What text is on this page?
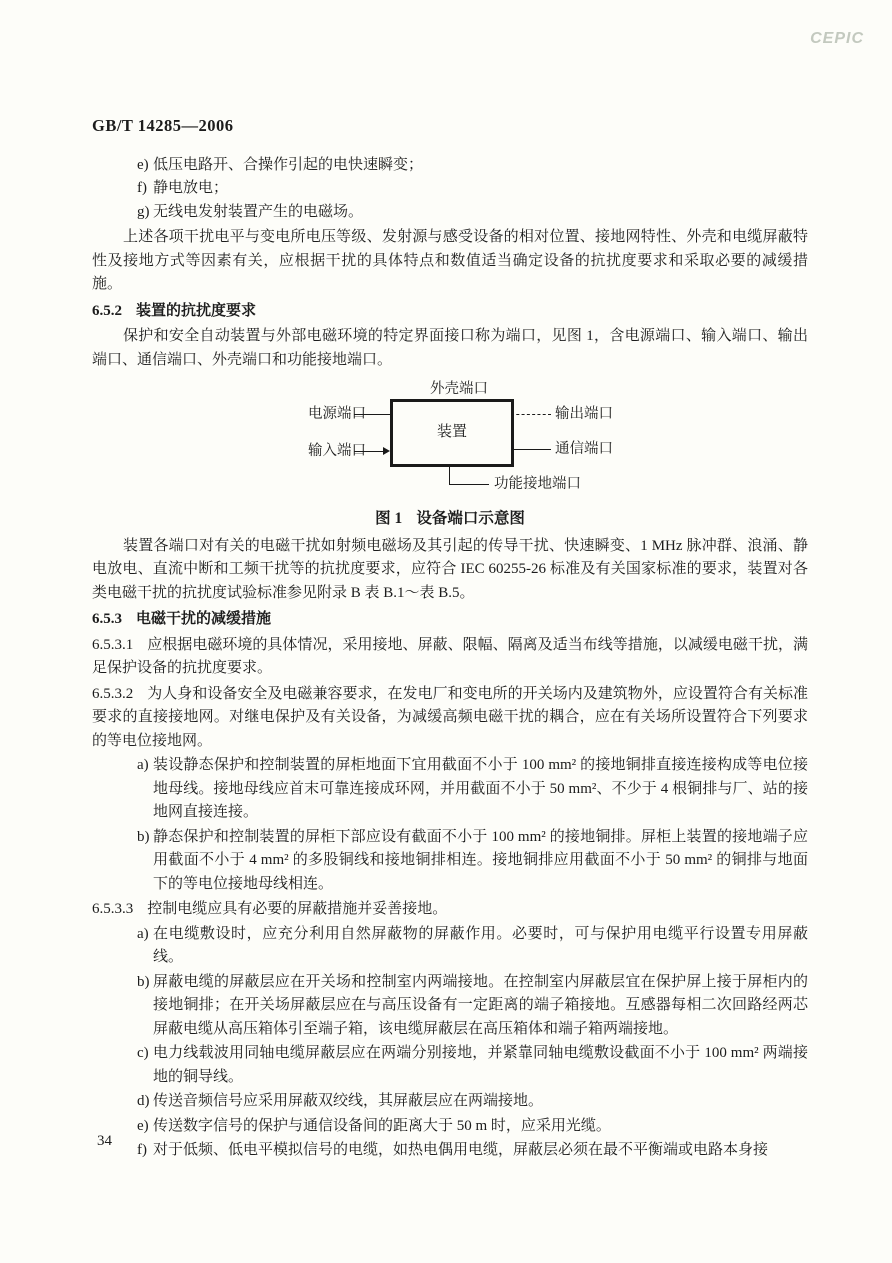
CEPIC

GB/T 14285—2006

e) 低压电路开、合操作引起的电快速瞬变；
f) 静电放电；
g) 无线电发射装置产生的电磁场。

上述各项干扰电平与变电所电压等级、发射源与感受设备的相对位置、接地网特性、外壳和电缆屏蔽特性及接地方式等因素有关，应根据干扰的具体特点和数值适当确定设备的抗扰度要求和采取必要的减缓措施。

6.5.2 装置的抗扰度要求

保护和安全自动装置与外部电磁环境的特定界面接口称为端口，见图 1，含电源端口、输入端口、输出端口、通信端口、外壳端口和功能接地端口。

外壳端口
电源端口
输入端口
装置
输出端口
通信端口
功能接地端口

图 1 设备端口示意图

装置各端口对有关的电磁干扰如射频电磁场及其引起的传导干扰、快速瞬变、1 MHz 脉冲群、浪涌、静电放电、直流中断和工频干扰等的抗扰度要求，应符合 IEC 60255-26 标准及有关国家标准的要求，装置对各类电磁干扰的抗扰度试验标准参见附录 B 表 B.1～表 B.5。

6.5.3 电磁干扰的减缓措施

6.5.3.1 应根据电磁环境的具体情况，采用接地、屏蔽、限幅、隔离及适当布线等措施，以减缓电磁干扰，满足保护设备的抗扰度要求。

6.5.3.2 为人身和设备安全及电磁兼容要求，在发电厂和变电所的开关场内及建筑物外，应设置符合有关标准要求的直接接地网。对继电保护及有关设备，为减缓高频电磁干扰的耦合，应在有关场所设置符合下列要求的等电位接地网。

a) 装设静态保护和控制装置的屏柜地面下宜用截面不小于 100 mm² 的接地铜排直接连接构成等电位接地母线。接地母线应首末可靠连接成环网，并用截面不小于 50 mm²、不少于 4 根铜排与厂、站的接地网直接连接。
b) 静态保护和控制装置的屏柜下部应设有截面不小于 100 mm² 的接地铜排。屏柜上装置的接地端子应用截面不小于 4 mm² 的多股铜线和接地铜排相连。接地铜排应用截面不小于 50 mm² 的铜排与地面下的等电位接地母线相连。

6.5.3.3 控制电缆应具有必要的屏蔽措施并妥善接地。

a) 在电缆敷设时，应充分利用自然屏蔽物的屏蔽作用。必要时，可与保护用电缆平行设置专用屏蔽线。
b) 屏蔽电缆的屏蔽层应在开关场和控制室内两端接地。在控制室内屏蔽层宜在保护屏上接于屏柜内的接地铜排；在开关场屏蔽层应在与高压设备有一定距离的端子箱接地。互感器每相二次回路经两芯屏蔽电缆从高压箱体引至端子箱，该电缆屏蔽层在高压箱体和端子箱两端接地。
c) 电力线载波用同轴电缆屏蔽层应在两端分别接地，并紧靠同轴电缆敷设截面不小于 100 mm² 两端接地的铜导线。
d) 传送音频信号应采用屏蔽双绞线，其屏蔽层应在两端接地。
e) 传送数字信号的保护与通信设备间的距离大于 50 m 时，应采用光缆。
f) 对于低频、低电平模拟信号的电缆，如热电偶用电缆，屏蔽层必须在最不平衡端或电路本身接
34
